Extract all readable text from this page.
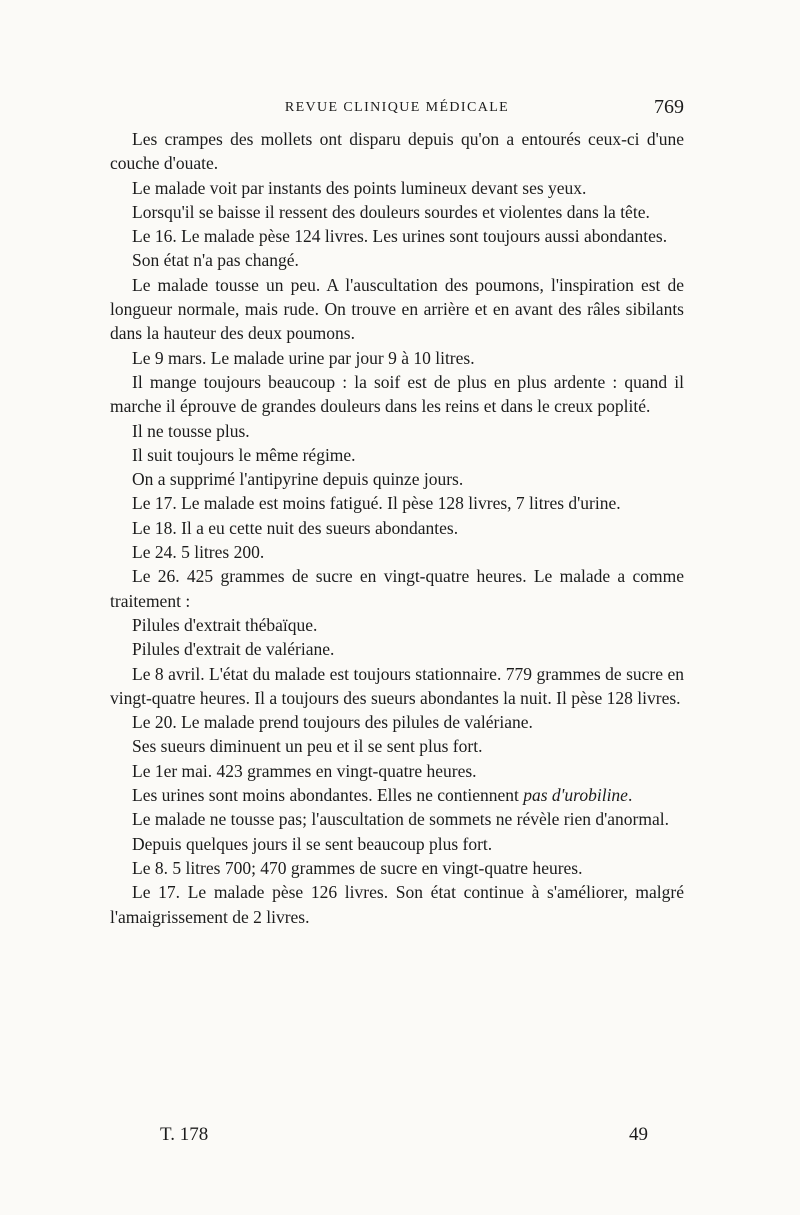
REVUE CLINIQUE MÉDICALE	769

Les crampes des mollets ont disparu depuis qu'on a entourés ceux-ci d'une couche d'ouate.

Le malade voit par instants des points lumineux devant ses yeux.

Lorsqu'il se baisse il ressent des douleurs sourdes et violentes dans la tête.

Le 16. Le malade pèse 124 livres. Les urines sont toujours aussi abondantes.

Son état n'a pas changé.

Le malade tousse un peu. A l'auscultation des poumons, l'inspiration est de longueur normale, mais rude. On trouve en arrière et en avant des râles sibilants dans la hauteur des deux poumons.

Le 9 mars. Le malade urine par jour 9 à 10 litres.

Il mange toujours beaucoup : la soif est de plus en plus ardente : quand il marche il éprouve de grandes douleurs dans les reins et dans le creux poplité.

Il ne tousse plus.

Il suit toujours le même régime.

On a supprimé l'antipyrine depuis quinze jours.

Le 17. Le malade est moins fatigué. Il pèse 128 livres, 7 litres d'urine.

Le 18. Il a eu cette nuit des sueurs abondantes.

Le 24. 5 litres 200.

Le 26. 425 grammes de sucre en vingt-quatre heures. Le malade a comme traitement :

Pilules d'extrait thébaïque.

Pilules d'extrait de valériane.

Le 8 avril. L'état du malade est toujours stationnaire. 779 grammes de sucre en vingt-quatre heures. Il a toujours des sueurs abondantes la nuit. Il pèse 128 livres.

Le 20. Le malade prend toujours des pilules de valériane.

Ses sueurs diminuent un peu et il se sent plus fort.

Le 1er mai. 423 grammes en vingt-quatre heures.

Les urines sont moins abondantes. Elles ne contiennent pas d'urobiline.

Le malade ne tousse pas; l'auscultation de sommets ne révèle rien d'anormal.

Depuis quelques jours il se sent beaucoup plus fort.

Le 8. 5 litres 700; 470 grammes de sucre en vingt-quatre heures.

Le 17. Le malade pèse 126 livres. Son état continue à s'améliorer, malgré l'amaigrissement de 2 livres.

T. 178	49
